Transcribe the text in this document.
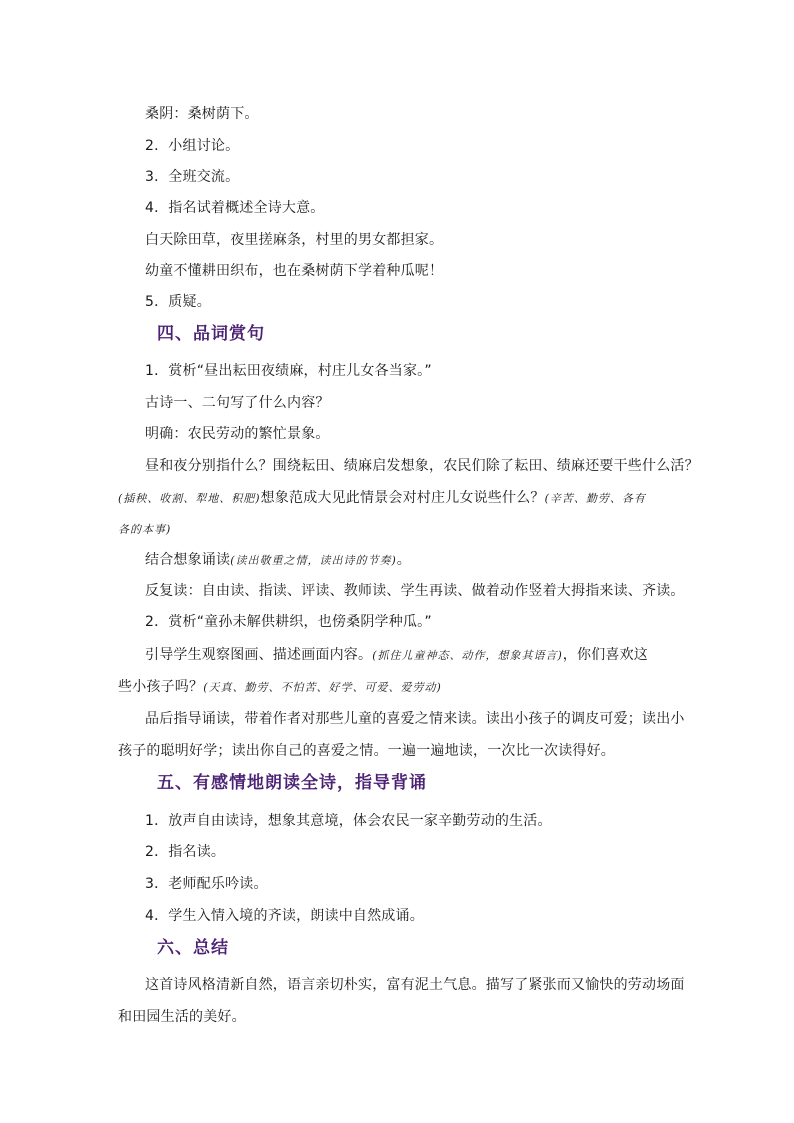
桑阴：桑树荫下。
2．小组讨论。
3．全班交流。
4．指名试着概述全诗大意。
白天除田草，夜里搓麻条，村里的男女都担家。
幼童不懂耕田织布，也在桑树荫下学着种瓜呢！
5．质疑。
四、品词赏句
1．赏析“昼出耘田夜绩麻，村庄儿女各当家。”
古诗一、二句写了什么内容？
明确：农民劳动的繁忙景象。
昼和夜分别指什么？围绕耘田、绩麻启发想象，农民们除了耘田、绩麻还要干些什么活？
(插秧、收割、犁地、积肥)想象范成大见此情景会对村庄儿女说些什么？(辛苦、勤劳、各有
各的本事)
结合想象诵读(读出敬重之情，读出诗的节奏)。
反复读：自由读、指读、评读、教师读、学生再读、做着动作竖着大拇指来读、齐读。
2．赏析“童孙未解供耕织，也傍桑阴学种瓜。”
引导学生观察图画、描述画面内容。(抓住儿童神态、动作，想象其语言)，你们喜欢这
些小孩子吗？(天真、勤劳、不怕苦、好学、可爱、爱劳动)
品后指导诵读，带着作者对那些儿童的喜爱之情来读。读出小孩子的调皮可爱；读出小
孩子的聪明好学；读出你自己的喜爱之情。一遍一遍地读，一次比一次读得好。
五、有感情地朗读全诗，指导背诵
1．放声自由读诗，想象其意境，体会农民一家辛勤劳动的生活。
2．指名读。
3．老师配乐吟读。
4．学生入情入境的齐读，朗读中自然成诵。
六、总结
这首诗风格清新自然，语言亲切朴实，富有泥土气息。描写了紧张而又愉快的劳动场面
和田园生活的美好。
